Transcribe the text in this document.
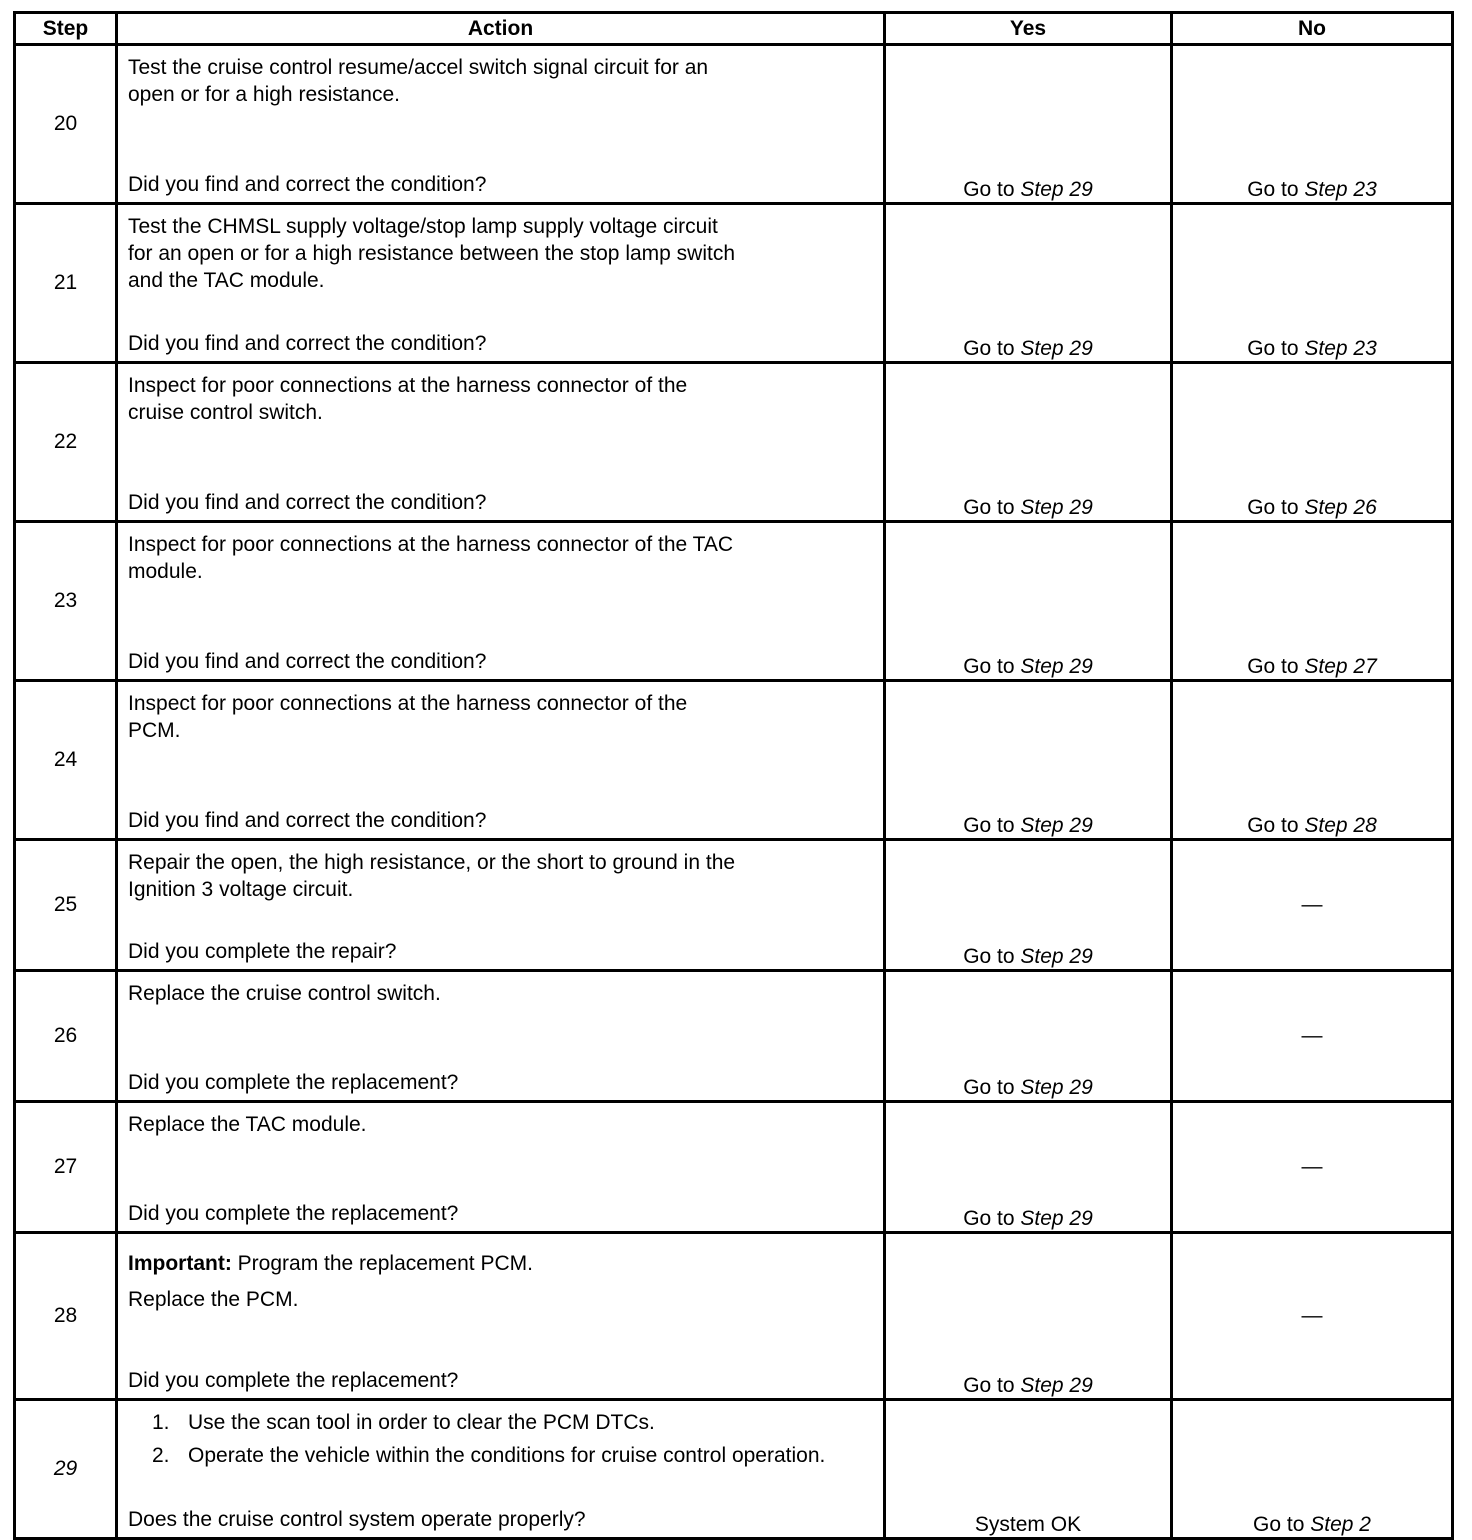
Step	Action	Yes	No
20	Test the cruise control resume/accel switch signal circuit for an
open or for a high resistance.
Did you find and correct the condition?	Go to Step 29	Go to Step 23
21	Test the CHMSL supply voltage/stop lamp supply voltage circuit
for an open or for a high resistance between the stop lamp switch
and the TAC module.
Did you find and correct the condition?	Go to Step 29	Go to Step 23
22	Inspect for poor connections at the harness connector of the
cruise control switch.
Did you find and correct the condition?	Go to Step 29	Go to Step 26
23	Inspect for poor connections at the harness connector of the TAC
module.
Did you find and correct the condition?	Go to Step 29	Go to Step 27
24	Inspect for poor connections at the harness connector of the
PCM.
Did you find and correct the condition?	Go to Step 29	Go to Step 28
25	Repair the open, the high resistance, or the short to ground in the
Ignition 3 voltage circuit.
Did you complete the repair?	Go to Step 29	—
26	Replace the cruise control switch.
Did you complete the replacement?	Go to Step 29	—
27	Replace the TAC module.
Did you complete the replacement?	Go to Step 29	—
28	Important: Program the replacement PCM.
Replace the PCM.
Did you complete the replacement?	Go to Step 29	—
29	
1. Use the scan tool in order to clear the PCM DTCs.
2. Operate the vehicle within the conditions for cruise control operation.
Does the cruise control system operate properly?	System OK	Go to Step 2
